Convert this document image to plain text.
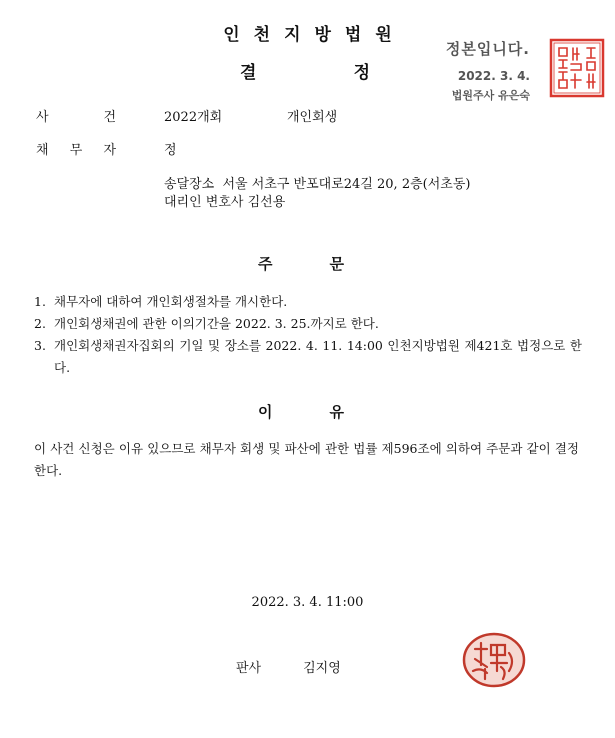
인천지방법원
결	정
정본입니다.
2022. 3. 4.
법원주사 유은숙
사	건	2022개회	개인회생
채 무 자	정
송달장소  서울 서초구 반포대로24길 20, 2층(서초동)
대리인 변호사 김선용
주	문
1. 채무자에 대하여 개인회생절차를 개시한다.
2. 개인회생채권에 관한 이의기간을 2022. 3. 25.까지로 한다.
3. 개인회생채권자집회의 기일 및 장소를 2022. 4. 11. 14:00 인천지방법원 제421호 법정으로 한다.
이	유
이 사건 신청은 이유 있으므로 채무자 회생 및 파산에 관한 법률 제596조에 의하여 주문과 같이 결정한다.
2022. 3. 4. 11:00
판사	김지영
